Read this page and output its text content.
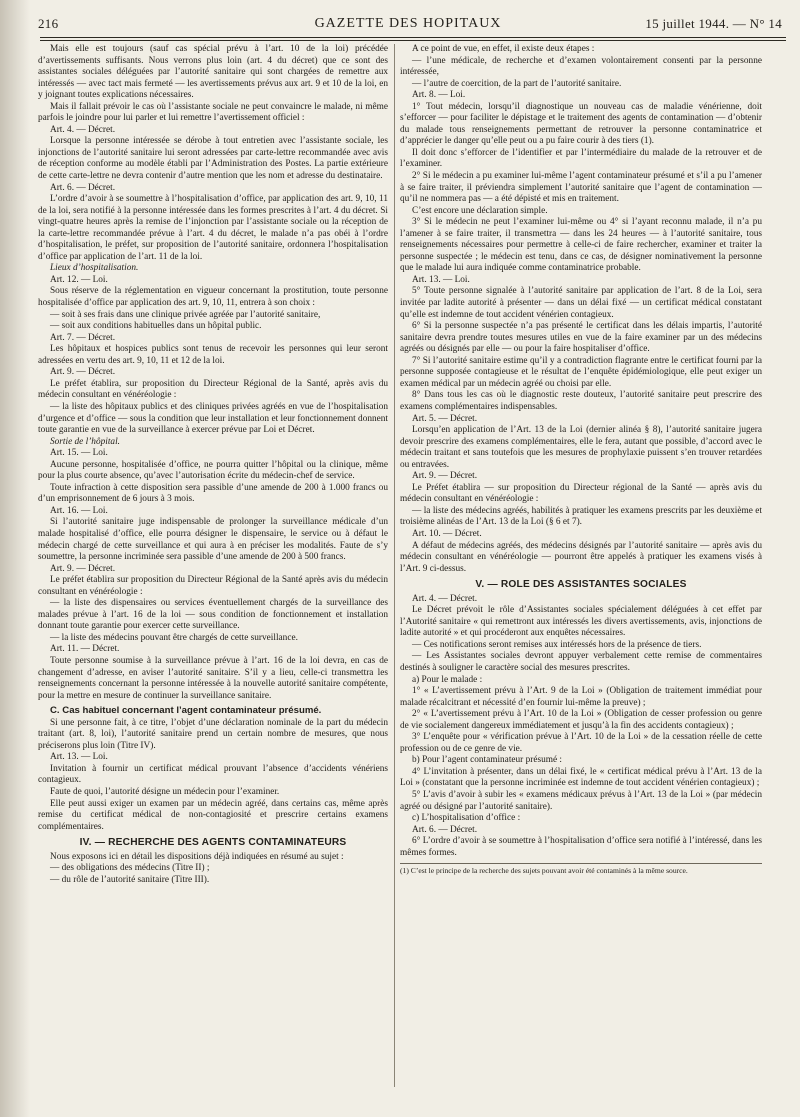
216	GAZETTE DES HOPITAUX	15 juillet 1944. — N° 14

Mais elle est toujours (sauf cas spécial prévu à l’art. 10 de la loi) précédée d’avertissements suffisants. Nous verrons plus loin (art. 4 du décret) que ce sont des assistantes sociales déléguées par l’autorité sanitaire qui sont chargées de remettre aux intéressés — avec tact mais fermeté — les avertissements prévus aux art. 9 et 10 de la loi, en y joignant toutes explications nécessaires.

Mais il fallait prévoir le cas où l’assistante sociale ne peut convaincre le malade, ni même parfois le joindre pour lui parler et lui remettre l’avertissement officiel :

Art. 4. — Décret.

Lorsque la personne intéressée se dérobe à tout entretien avec l’assistante sociale, les injonctions de l’autorité sanitaire lui seront adressées par carte-lettre recommandée avec avis de réception conforme au modèle établi par l’Administration des Postes. La partie extérieure de cette carte-lettre ne devra contenir d’autre mention que les nom et adresse du destinataire.

Art. 6. — Décret.

L’ordre d’avoir à se soumettre à l’hospitalisation d’office, par application des art. 9, 10, 11 de la loi, sera notifié à la personne intéressée dans les formes prescrites à l’art. 4 du décret. Si vingt-quatre heures après la remise de l’injonction par l’assistante sociale ou la réception de la carte-lettre recommandée prévue à l’art. 4 du décret, le malade n’a pas obéi à l’ordre d’hospitalisation, le préfet, sur proposition de l’autorité sanitaire, ordonnera l’hospitalisation d’office par application de l’art. 11 de la loi.

Lieux d’hospitalisation.

Art. 12. — Loi.

Sous réserve de la réglementation en vigueur concernant la prostitution, toute personne hospitalisée d’office par application des art. 9, 10, 11, entrera à son choix :

— soit à ses frais dans une clinique privée agréée par l’autorité sanitaire,

— soit aux conditions habituelles dans un hôpital public.

Art. 7. — Décret.

Les hôpitaux et hospices publics sont tenus de recevoir les personnes qui leur seront adressées en vertu des art. 9, 10, 11 et 12 de la loi.

Art. 9. — Décret.

Le préfet établira, sur proposition du Directeur Régional de la Santé, après avis du médecin consultant en vénéréologie :

— la liste des hôpitaux publics et des cliniques privées agréés en vue de l’hospitalisation d’urgence et d’office — sous la condition que leur installation et leur fonctionnement donnent toute garantie en vue de la surveillance à exercer prévue par Loi et Décret.

Sortie de l’hôpital.

Art. 15. — Loi.

Aucune personne, hospitalisée d’office, ne pourra quitter l’hôpital ou la clinique, même pour la plus courte absence, qu’avec l’autorisation écrite du médecin-chef de service.

Toute infraction à cette disposition sera passible d’une amende de 200 à 1.000 francs ou d’un emprisonnement de 6 jours à 3 mois.

Art. 16. — Loi.

Si l’autorité sanitaire juge indispensable de prolonger la surveillance médicale d’un malade hospitalisé d’office, elle pourra désigner le dispensaire, le service ou à défaut le médecin chargé de cette surveillance et qui aura à en préciser les modalités. Faute de s’y soumettre, la personne incriminée sera passible d’une amende de 200 à 500 francs.

Art. 9. — Décret.

Le préfet établira sur proposition du Directeur Régional de la Santé après avis du médecin consultant en vénéréologie :

— la liste des dispensaires ou services éventuellement chargés de la surveillance des malades prévue à l’art. 16 de la loi — sous condition de fonctionnement et installation donnant toute garantie pour exercer cette surveillance.

— la liste des médecins pouvant être chargés de cette surveillance.

Art. 11. — Décret.

Toute personne soumise à la surveillance prévue à l’art. 16 de la loi devra, en cas de changement d’adresse, en aviser l’autorité sanitaire. S’il y a lieu, celle-ci transmettra les renseignements concernant la personne intéressée à la nouvelle autorité sanitaire compétente, pour la mettre en mesure de continuer la surveillance sanitaire.

C. Cas habituel concernant l’agent contaminateur présumé.

Si une personne fait, à ce titre, l’objet d’une déclaration nominale de la part du médecin traitant (art. 8, loi), l’autorité sanitaire prend un certain nombre de mesures, que nous préciserons plus loin (Titre IV).

Art. 13. — Loi.

Invitation à fournir un certificat médical prouvant l’absence d’accidents vénériens contagieux.

Faute de quoi, l’autorité désigne un médecin pour l’examiner.

Elle peut aussi exiger un examen par un médecin agréé, dans certains cas, même après remise du certificat médical de non-contagiosité et prescrire certains examens complémentaires.

IV. — RECHERCHE DES AGENTS CONTAMINATEURS

Nous exposons ici en détail les dispositions déjà indiquées en résumé au sujet :

— des obligations des médecins (Titre II) ;

— du rôle de l’autorité sanitaire (Titre III).

A ce point de vue, en effet, il existe deux étapes :

— l’une médicale, de recherche et d’examen volontairement consenti par la personne intéressée,

— l’autre de coercition, de la part de l’autorité sanitaire.

Art. 8. — Loi.

1° Tout médecin, lorsqu’il diagnostique un nouveau cas de maladie vénérienne, doit s’efforcer — pour faciliter le dépistage et le traitement des agents de contamination — d’obtenir du malade tous renseignements permettant de retrouver la personne contaminatrice et d’apprécier le danger qu’elle peut ou a pu faire courir à des tiers (1).

Il doit donc s’efforcer de l’identifier et par l’intermédiaire du malade de la retrouver et de l’examiner.

2° Si le médecin a pu examiner lui-même l’agent contaminateur présumé et s’il a pu l’amener à se faire traiter, il préviendra simplement l’autorité sanitaire que l’agent de contamination — qu’il ne nommera pas — a été dépisté et mis en traitement.

C’est encore une déclaration simple.

3° Si le médecin ne peut l’examiner lui-même ou 4° si l’ayant reconnu malade, il n’a pu l’amener à se faire traiter, il transmettra — dans les 24 heures — à l’autorité sanitaire, tous renseignements nécessaires pour permettre à celle-ci de faire rechercher, examiner et traiter la personne suspectée ; le médecin est tenu, dans ce cas, de désigner nominativement la personne que le malade lui aura indiquée comme contaminatrice probable.

Art. 13. — Loi.

5° Toute personne signalée à l’autorité sanitaire par application de l’art. 8 de la Loi, sera invitée par ladite autorité à présenter — dans un délai fixé — un certificat médical constatant qu’elle est indemne de tout accident vénérien contagieux.

6° Si la personne suspectée n’a pas présenté le certificat dans les délais impartis, l’autorité sanitaire devra prendre toutes mesures utiles en vue de la faire examiner par un des médecins agréés ou désignés par elle — ou pour la faire hospitaliser d’office.

7° Si l’autorité sanitaire estime qu’il y a contradiction flagrante entre le certificat fourni par la personne supposée contagieuse et le résultat de l’enquête épidémiologique, elle peut exiger un examen médical par un médecin agréé ou choisi par elle.

8° Dans tous les cas où le diagnostic reste douteux, l’autorité sanitaire peut prescrire des examens complémentaires indispensables.

Art. 5. — Décret.

Lorsqu’en application de l’Art. 13 de la Loi (dernier alinéa § 8), l’autorité sanitaire jugera devoir prescrire des examens complémentaires, elle le fera, autant que possible, d’accord avec le médecin traitant et sans toutefois que les mesures de prophylaxie puissent s’en trouver retardées ou entravées.

Art. 9. — Décret.

Le Préfet établira — sur proposition du Directeur régional de la Santé — après avis du médecin consultant en vénéréologie :

— la liste des médecins agréés, habilités à pratiquer les examens prescrits par les deuxième et troisième alinéas de l’Art. 13 de la Loi (§ 6 et 7).

Art. 10. — Décret.

A défaut de médecins agréés, des médecins désignés par l’autorité sanitaire — après avis du médecin consultant en vénéréologie — pourront être appelés à pratiquer les examens visés à l’Art. 9 ci-dessus.

V. — ROLE DES ASSISTANTES SOCIALES

Art. 4. — Décret.

Le Décret prévoit le rôle d’Assistantes sociales spécialement déléguées à cet effet par l’Autorité sanitaire « qui remettront aux intéressés les divers avertissements, avis, injonctions de ladite autorité » et qui procéderont aux enquêtes nécessaires.

— Ces notifications seront remises aux intéressés hors de la présence de tiers.

— Les Assistantes sociales devront appuyer verbalement cette remise de commentaires destinés à souligner le caractère social des mesures prescrites.

a) Pour le malade :

1° « L’avertissement prévu à l’Art. 9 de la Loi » (Obligation de traitement immédiat pour malade récalcitrant et nécessité d’en fournir lui-même la preuve) ;

2° « L’avertissement prévu à l’Art. 10 de la Loi » (Obligation de cesser profession ou genre de vie socialement dangereux immédiatement et jusqu’à la fin des accidents contagieux) ;

3° L’enquête pour « vérification prévue à l’Art. 10 de la Loi » de la cessation réelle de cette profession ou de ce genre de vie.

b) Pour l’agent contaminateur présumé :

4° L’invitation à présenter, dans un délai fixé, le « certificat médical prévu à l’Art. 13 de la Loi » (constatant que la personne incriminée est indemne de tout accident vénérien contagieux) ;

5° L’avis d’avoir à subir les « examens médicaux prévus à l’Art. 13 de la Loi » (par médecin agréé ou désigné par l’autorité sanitaire).

c) L’hospitalisation d’office :

Art. 6. — Décret.

6° L’ordre d’avoir à se soumettre à l’hospitalisation d’office sera notifié à l’intéressé, dans les mêmes formes.

(1) C’est le principe de la recherche des sujets pouvant avoir été contaminés à la même source.
